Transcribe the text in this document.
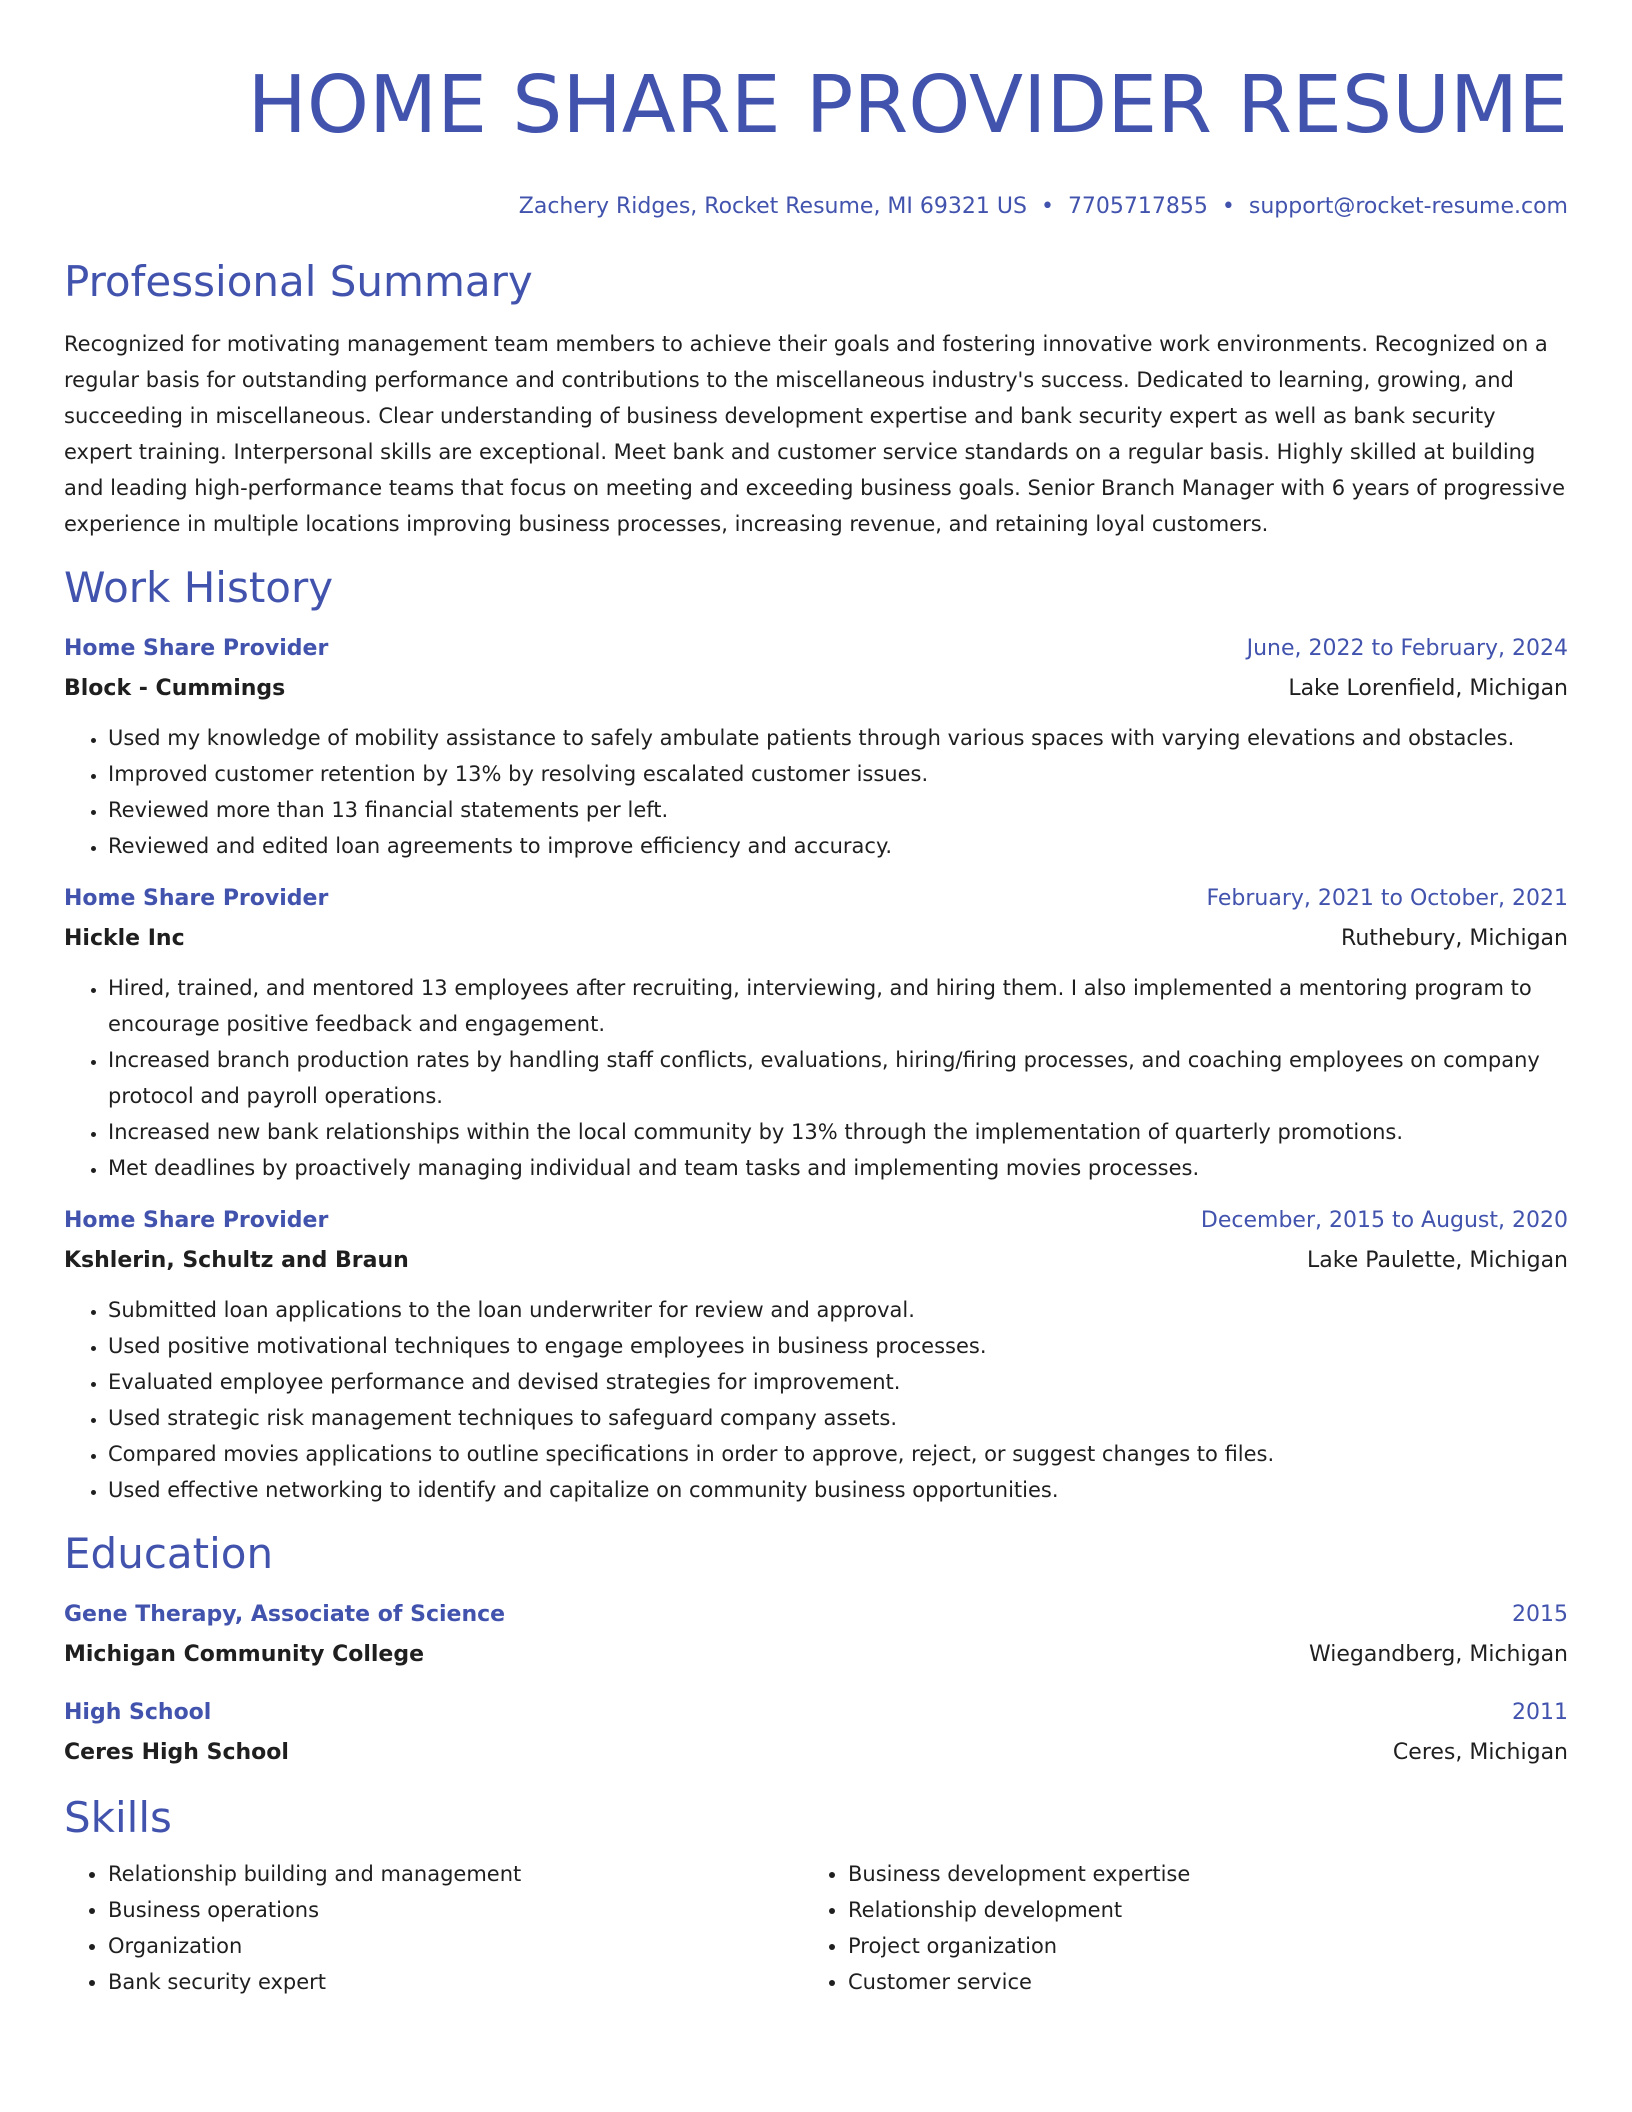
HOME SHARE PROVIDER RESUME
Zachery Ridges, Rocket Resume, MI 69321 US • 7705717855 • support@rocket-resume.com
Professional Summary

Recognized for motivating management team members to achieve their goals and fostering innovative work environments. Recognized on a regular basis for outstanding performance and contributions to the miscellaneous industry's success. Dedicated to learning, growing, and succeeding in miscellaneous. Clear understanding of business development expertise and bank security expert as well as bank security expert training. Interpersonal skills are exceptional. Meet bank and customer service standards on a regular basis. Highly skilled at building and leading high-performance teams that focus on meeting and exceeding business goals. Senior Branch Manager with 6 years of progressive experience in multiple locations improving business processes, increasing revenue, and retaining loyal customers.

Work History
Home Share Provider	June, 2022 to February, 2024
Block - Cummings	Lake Lorenfield, Michigan
• Used my knowledge of mobility assistance to safely ambulate patients through various spaces with varying elevations and obstacles.
• Improved customer retention by 13% by resolving escalated customer issues.
• Reviewed more than 13 financial statements per left.
• Reviewed and edited loan agreements to improve efficiency and accuracy.
Home Share Provider	February, 2021 to October, 2021
Hickle Inc	Ruthebury, Michigan
• Hired, trained, and mentored 13 employees after recruiting, interviewing, and hiring them. I also implemented a mentoring program to encourage positive feedback and engagement.
• Increased branch production rates by handling staff conflicts, evaluations, hiring/firing processes, and coaching employees on company protocol and payroll operations.
• Increased new bank relationships within the local community by 13% through the implementation of quarterly promotions.
• Met deadlines by proactively managing individual and team tasks and implementing movies processes.
Home Share Provider	December, 2015 to August, 2020
Kshlerin, Schultz and Braun	Lake Paulette, Michigan
• Submitted loan applications to the loan underwriter for review and approval.
• Used positive motivational techniques to engage employees in business processes.
• Evaluated employee performance and devised strategies for improvement.
• Used strategic risk management techniques to safeguard company assets.
• Compared movies applications to outline specifications in order to approve, reject, or suggest changes to files.
• Used effective networking to identify and capitalize on community business opportunities.
Education
Gene Therapy, Associate of Science	2015
Michigan Community College	Wiegandberg, Michigan
High School	2011
Ceres High School	Ceres, Michigan
Skills
• Relationship building and management
• Business operations
• Organization
• Bank security expert
• Business development expertise
• Relationship development
• Project organization
• Customer service
